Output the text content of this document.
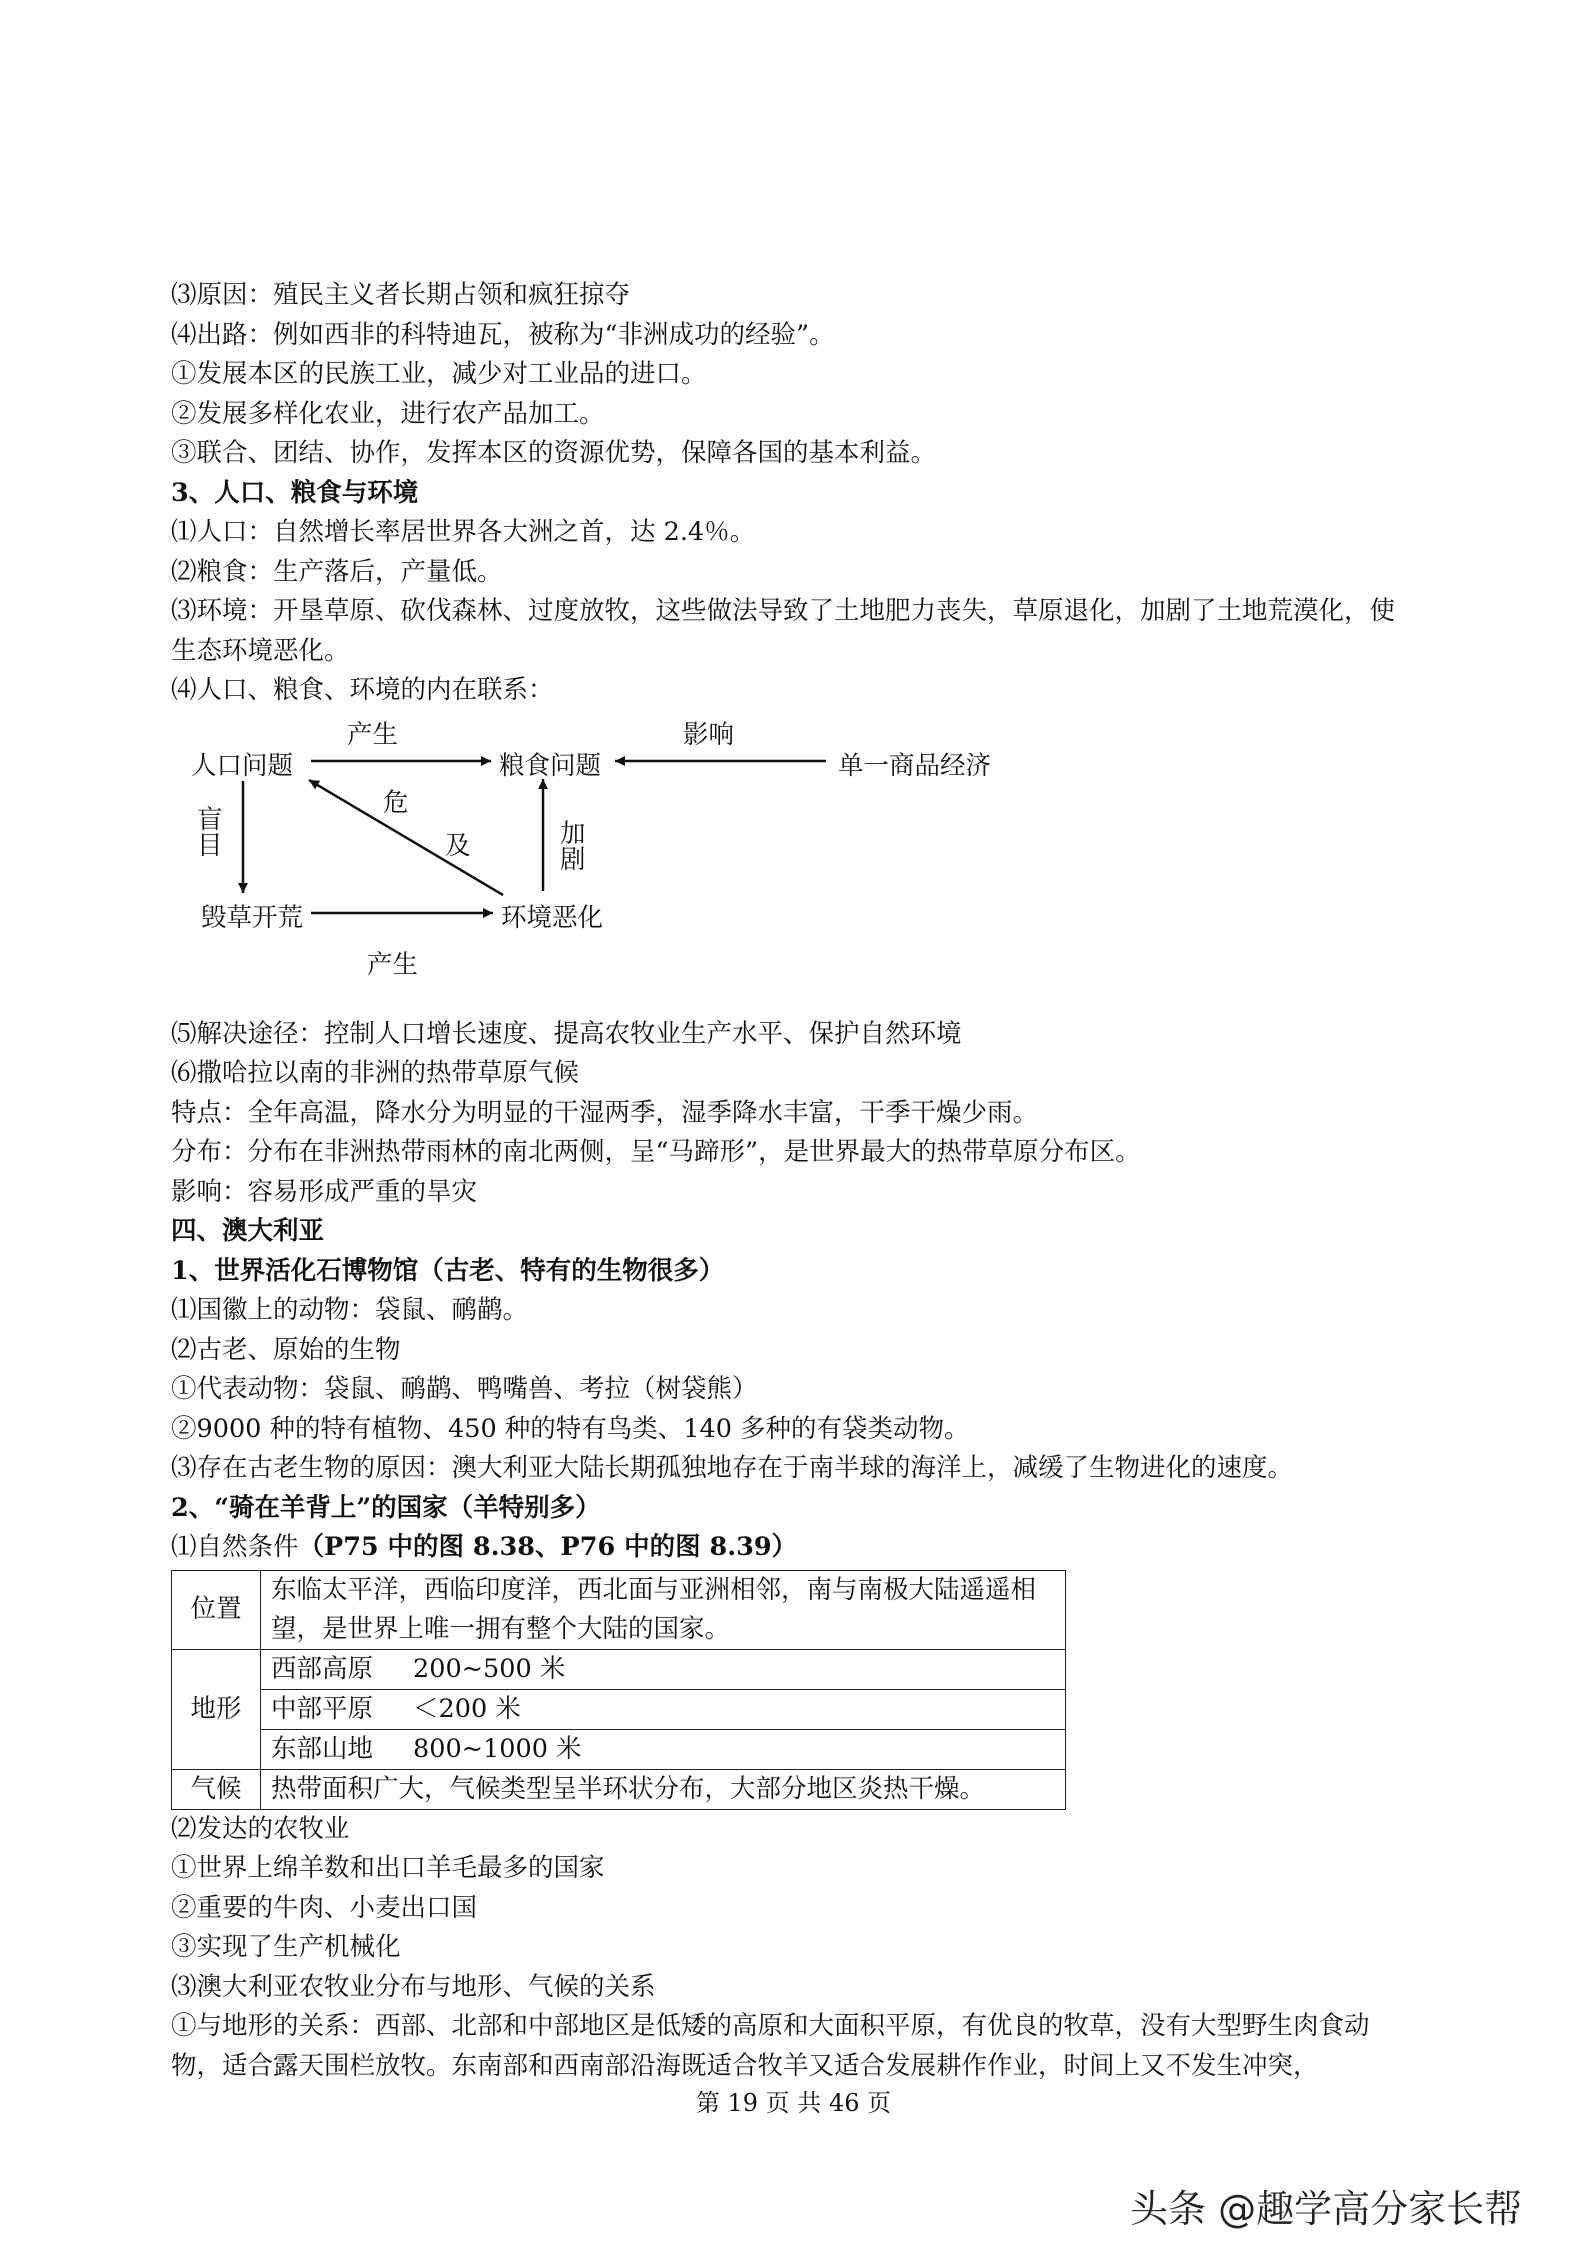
⑶原因：殖民主义者长期占领和疯狂掠夺
⑷出路：例如西非的科特迪瓦，被称为“非洲成功的经验”。
①发展本区的民族工业，减少对工业品的进口。
②发展多样化农业，进行农产品加工。
③联合、团结、协作，发挥本区的资源优势，保障各国的基本利益。
3、人口、粮食与环境
⑴人口：自然增长率居世界各大洲之首，达 2.4％。
⑵粮食：生产落后，产量低。
⑶环境：开垦草原、砍伐森林、过度放牧，这些做法导致了土地肥力丧失，草原退化，加剧了土地荒漠化，使生态环境恶化。
⑷人口、粮食、环境的内在联系：
人口问题	粮食问题	单一商品经济
毁草开荒	环境恶化
产生	影响
盲
目
危
及	加
剧
产生
⑸解决途径：控制人口增长速度、提高农牧业生产水平、保护自然环境
⑹撒哈拉以南的非洲的热带草原气候
特点：全年高温，降水分为明显的干湿两季，湿季降水丰富，干季干燥少雨。
分布：分布在非洲热带雨林的南北两侧，呈“马蹄形”，是世界最大的热带草原分布区。
影响：容易形成严重的旱灾
四、澳大利亚
1、世界活化石博物馆（古老、特有的生物很多）
⑴国徽上的动物：袋鼠、鸸鹋。
⑵古老、原始的生物
①代表动物：袋鼠、鸸鹋、鸭嘴兽、考拉（树袋熊）
②9000 种的特有植物、450 种的特有鸟类、140 多种的有袋类动物。
⑶存在古老生物的原因：澳大利亚大陆长期孤独地存在于南半球的海洋上，减缓了生物进化的速度。
2、“骑在羊背上”的国家（羊特别多）
⑴自然条件（P75 中的图 8.38、P76 中的图 8.39）
位置	东临太平洋，西临印度洋，西北面与亚洲相邻，南与南极大陆遥遥相望，是世界上唯一拥有整个大陆的国家。
地形	西部高原 200~500 米
	中部平原 ＜200 米
	东部山地 800~1000 米
气候	热带面积广大，气候类型呈半环状分布，大部分地区炎热干燥。
⑵发达的农牧业
①世界上绵羊数和出口羊毛最多的国家
②重要的牛肉、小麦出口国
③实现了生产机械化
⑶澳大利亚农牧业分布与地形、气候的关系
①与地形的关系：西部、北部和中部地区是低矮的高原和大面积平原，有优良的牧草，没有大型野生肉食动物，适合露天围栏放牧。东南部和西南部沿海既适合牧羊又适合发展耕作作业，时间上又不发生冲突，
第 19 页 共 46 页
头条 @趣学高分家长帮
